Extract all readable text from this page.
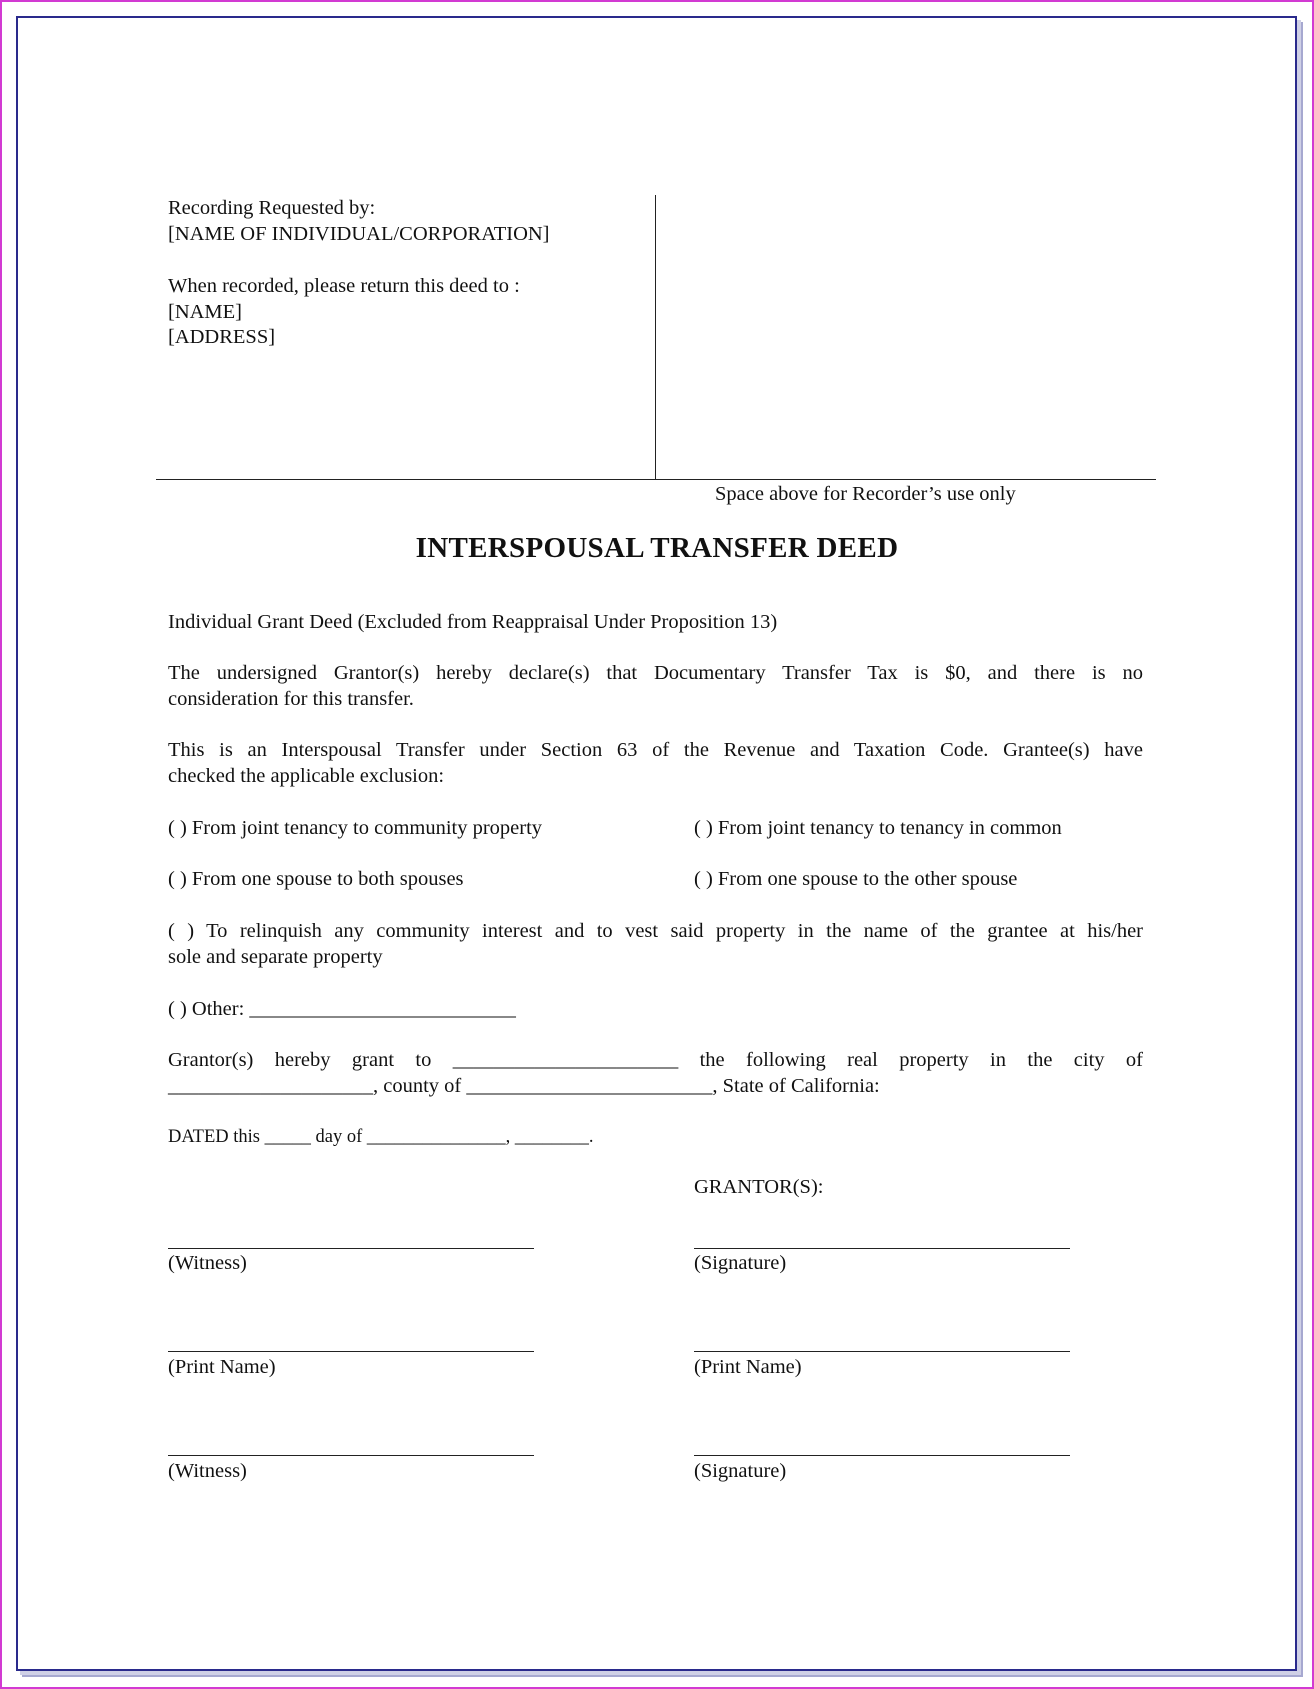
Recording Requested by:
[NAME OF INDIVIDUAL/CORPORATION]
When recorded, please return this deed to :
[NAME]
[ADDRESS]
Space above for Recorder’s use only
INTERSPOUSAL TRANSFER DEED
Individual Grant Deed (Excluded from Reappraisal Under Proposition 13)
The undersigned Grantor(s) hereby declare(s) that Documentary Transfer Tax is $0, and there is no
consideration for this transfer.
This is an Interspousal Transfer under Section 63 of the Revenue and Taxation Code. Grantee(s) have
checked the applicable exclusion:
( ) From joint tenancy to community property	( ) From joint tenancy to tenancy in common
( ) From one spouse to both spouses	( ) From one spouse to the other spouse
( ) To relinquish any community interest and to vest said property in the name of the grantee at his/her
sole and separate property
( ) Other: __________________________
Grantor(s) hereby grant to ______________________ the following real property in the city of
____________________, county of ________________________, State of California:
DATED this _____ day of _______________, ________.
GRANTOR(S):
(Witness)	(Signature)
(Print Name)	(Print Name)
(Witness)	(Signature)
